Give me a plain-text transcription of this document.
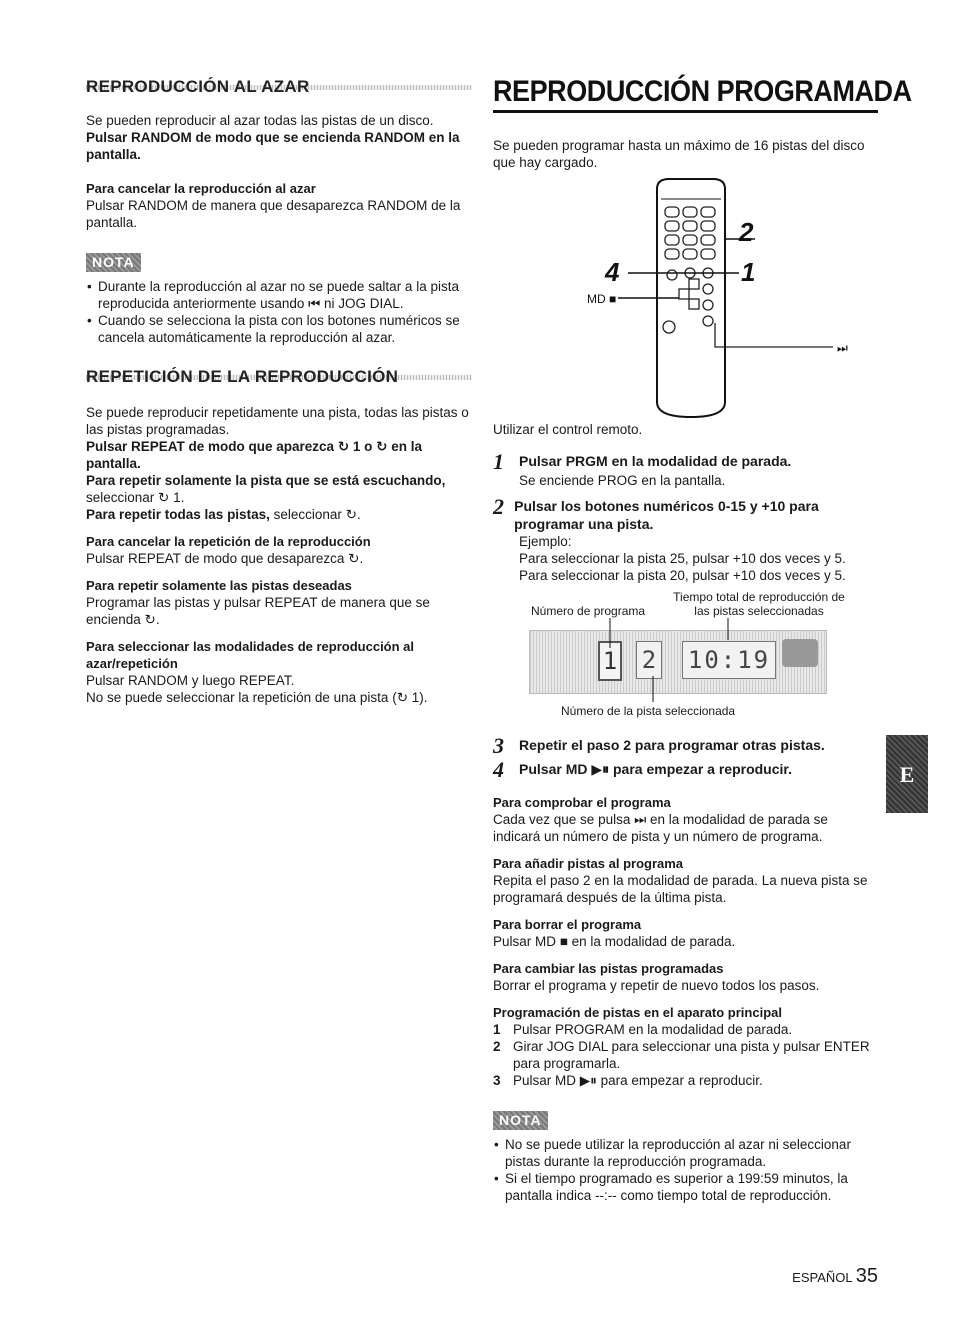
REPRODUCCIÓN AL AZAR

Se pueden reproducir al azar todas las pistas de un disco.

Pulsar RANDOM de modo que se encienda RANDOM en la pantalla.

Para cancelar la reproducción al azar

Pulsar RANDOM de manera que desaparezca RANDOM de la pantalla.

NOTA
• Durante la reproducción al azar no se puede saltar a la pista reproducida anteriormente usando ⏮ ni JOG DIAL.
• Cuando se selecciona la pista con los botones numéricos se cancela automáticamente la reproducción al azar.
REPETICIÓN DE LA REPRODUCCIÓN

Se puede reproducir repetidamente una pista, todas las pistas o las pistas programadas.

Pulsar REPEAT de modo que aparezca ↻ 1 o ↻ en la pantalla.

Para repetir solamente la pista que se está escuchando, seleccionar ↻ 1.

Para repetir todas las pistas, seleccionar ↻.

Para cancelar la repetición de la reproducción

Pulsar REPEAT de modo que desaparezca ↻.

Para repetir solamente las pistas deseadas

Programar las pistas y pulsar REPEAT de manera que se encienda ↻.

Para seleccionar las modalidades de reproducción al azar/repetición

Pulsar RANDOM y luego REPEAT.

No se puede seleccionar la repetición de una pista (↻ 1).

REPRODUCCIÓN PROGRAMADA

Se pueden programar hasta un máximo de 16 pistas del disco que hay cargado.

2
4	1
MD ■
⏭

Utilizar el control remoto.

1	Pulsar PRGM en la modalidad de parada.

Se enciende PROG en la pantalla.

2 Pulsar los botones numéricos 0-15 y +10 para programar una pista.

Ejemplo:

Para seleccionar la pista 25, pulsar +10 dos veces y 5.

Para seleccionar la pista 20, pulsar +10 dos veces y 5.

Número de programa
Tiempo total de reproducción de las pistas seleccionadas
1 2 10:19
Número de la pista seleccionada
3	Repetir el paso 2 para programar otras pistas.
4	Pulsar MD ▶⏸ para empezar a reproducir.

Para comprobar el programa

Cada vez que se pulsa ⏭ en la modalidad de parada se indicará un número de pista y un número de programa.

Para añadir pistas al programa

Repita el paso 2 en la modalidad de parada. La nueva pista se programará después de la última pista.

Para borrar el programa

Pulsar MD ■ en la modalidad de parada.

Para cambiar las pistas programadas

Borrar el programa y repetir de nuevo todos los pasos.

Programación de pistas en el aparato principal

1 Pulsar PROGRAM en la modalidad de parada.
2 Girar JOG DIAL para seleccionar una pista y pulsar ENTER para programarla.
3 Pulsar MD ▶⏸ para empezar a reproducir.
NOTA
• No se puede utilizar la reproducción al azar ni seleccionar pistas durante la reproducción programada.
• Si el tiempo programado es superior a 199:59 minutos, la pantalla indica --:-- como tiempo total de reproducción.
E
ESPAÑOL 35
